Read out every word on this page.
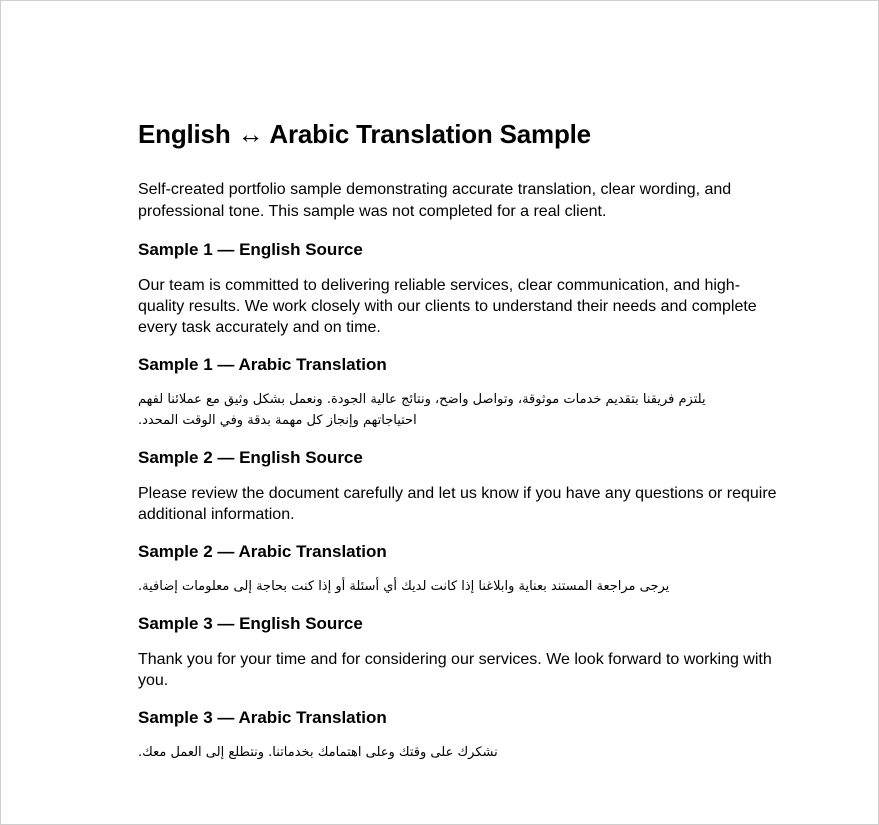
English ↔ Arabic Translation Sample

Self-created portfolio sample demonstrating accurate translation, clear wording, and professional tone. This sample was not completed for a real client.

Sample 1 — English Source

Our team is committed to delivering reliable services, clear communication, and high-quality results. We work closely with our clients to understand their needs and complete every task accurately and on time.

Sample 1 — Arabic Translation

يلتزم فريقنا بتقديم خدمات موثوقة، وتواصل واضح، ونتائج عالية الجودة. ونعمل بشكل وثيق مع عملائنا لفهم احتياجاتهم وإنجاز كل مهمة بدقة وفي الوقت المحدد.

Sample 2 — English Source

Please review the document carefully and let us know if you have any questions or require additional information.

Sample 2 — Arabic Translation

يرجى مراجعة المستند بعناية وابلاغنا إذا كانت لديك أي أسئلة أو إذا كنت بحاجة إلى معلومات إضافية.

Sample 3 — English Source

Thank you for your time and for considering our services. We look forward to working with you.

Sample 3 — Arabic Translation

نشكرك على وقتك وعلى اهتمامك بخدماتنا. ونتطلع إلى العمل معك.
